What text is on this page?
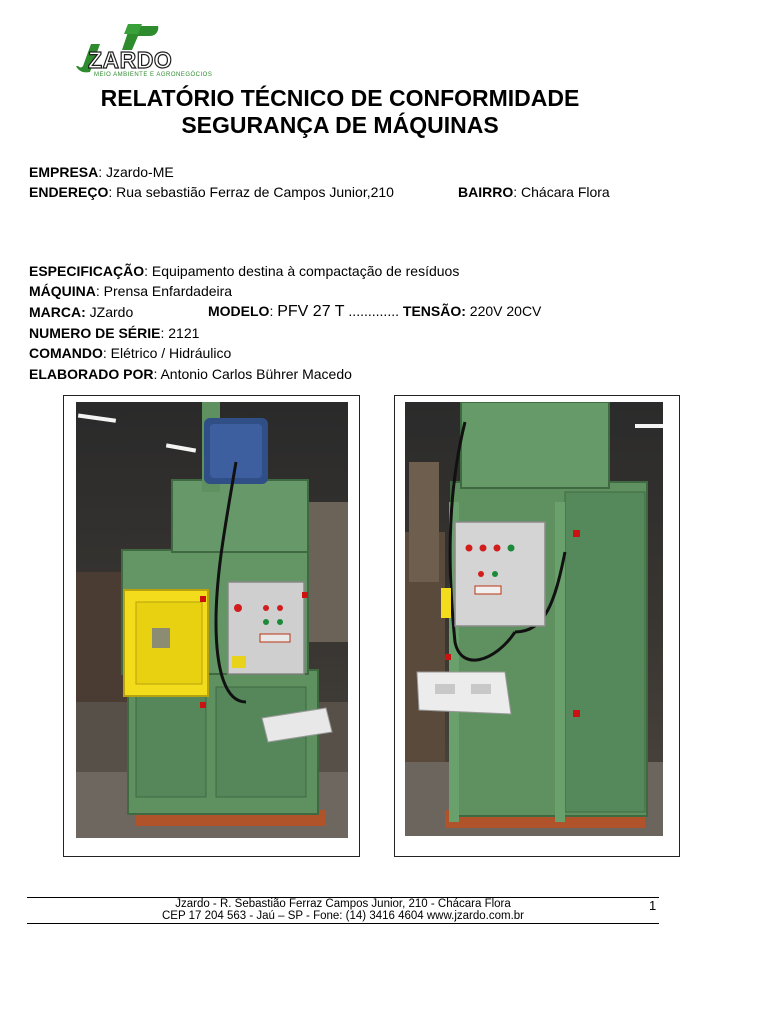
ZARDO
MEIO AMBIENTE E AGRONEGÓCIOS
RELATÓRIO TÉCNICO DE CONFORMIDADE
SEGURANÇA DE MÁQUINAS
EMPRESA: Jzardo-ME
ENDEREÇO: Rua sebastião Ferraz de Campos Junior,210	BAIRRO: Chácara Flora
ESPECIFICAÇÃO: Equipamento destina à compactação de resíduos
MÁQUINA: Prensa Enfardadeira
MARCA: JZardo	MODELO: PFV 27 T ............. TENSÃO: 220V 20CV
NUMERO DE SÉRIE: 2121
COMANDO: Elétrico / Hidráulico
ELABORADO POR: Antonio Carlos Bührer Macedo
Jzardo - R. Sebastião Ferraz Campos Junior, 210 - Chácara Flora
CEP 17 204 563 - Jaú – SP - Fone: (14) 3416 4604 www.jzardo.com.br
1
